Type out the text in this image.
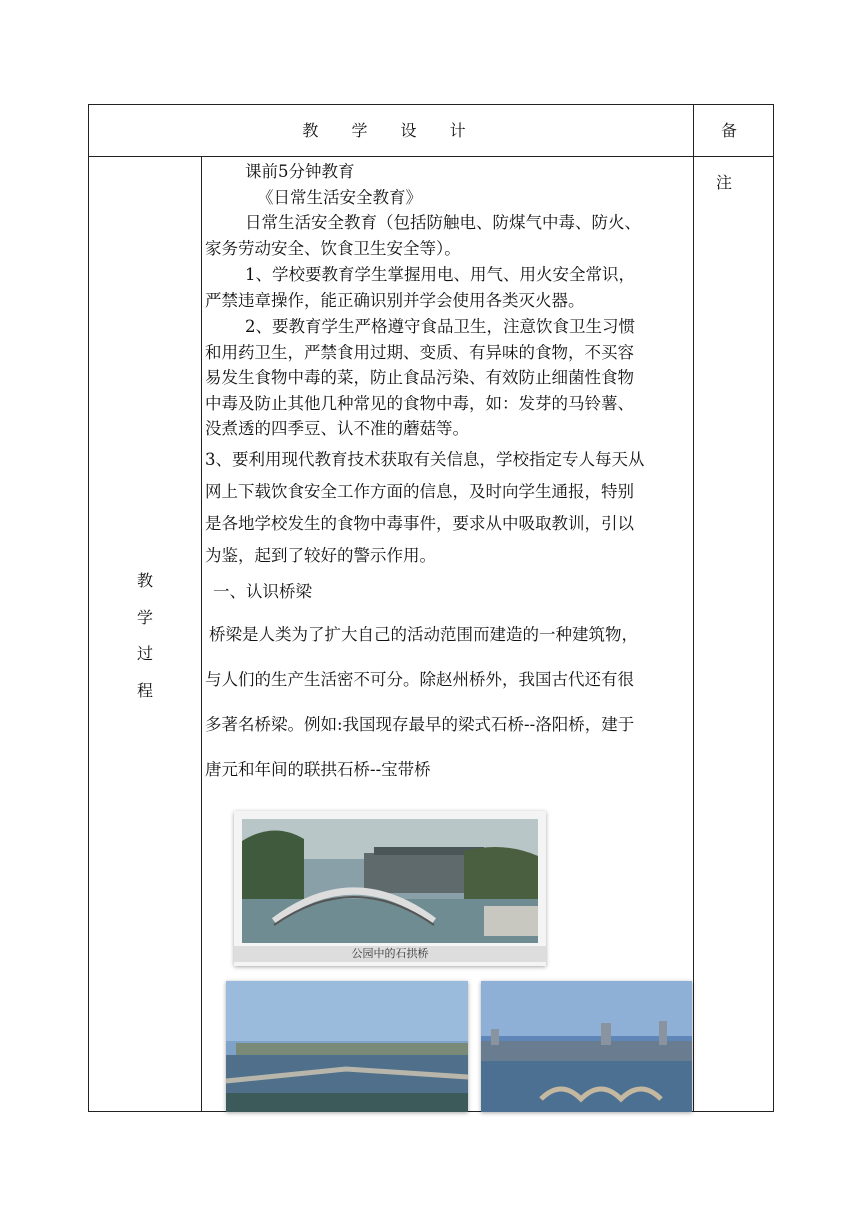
教 学 设 计	备 注
教
学
过
程

课前5分钟教育

《日常生活安全教育》

日常生活安全教育（包括防触电、防煤气中毒、防火、

家务劳动安全、饮食卫生安全等）。

1、学校要教育学生掌握用电、用气、用火安全常识，

严禁违章操作，能正确识别并学会使用各类灭火器。

2、要教育学生严格遵守食品卫生，注意饮食卫生习惯

和用药卫生，严禁食用过期、变质、有异味的食物，不买容

易发生食物中毒的菜，防止食品污染、有效防止细菌性食物

中毒及防止其他几种常见的食物中毒，如：发芽的马铃薯、

没煮透的四季豆、认不准的蘑菇等。

3、要利用现代教育技术获取有关信息，学校指定专人每天从

网上下载饮食安全工作方面的信息，及时向学生通报，特别

是各地学校发生的食物中毒事件，要求从中吸取教训，引以

为鉴，起到了较好的警示作用。

一、认识桥梁

桥梁是人类为了扩大自己的活动范围而建造的一种建筑物，

与人们的生产生活密不可分。除赵州桥外，我国古代还有很

多著名桥梁。例如:我国现存最早的梁式石桥--洛阳桥，建于

唐元和年间的联拱石桥--宝带桥

公园中的石拱桥
